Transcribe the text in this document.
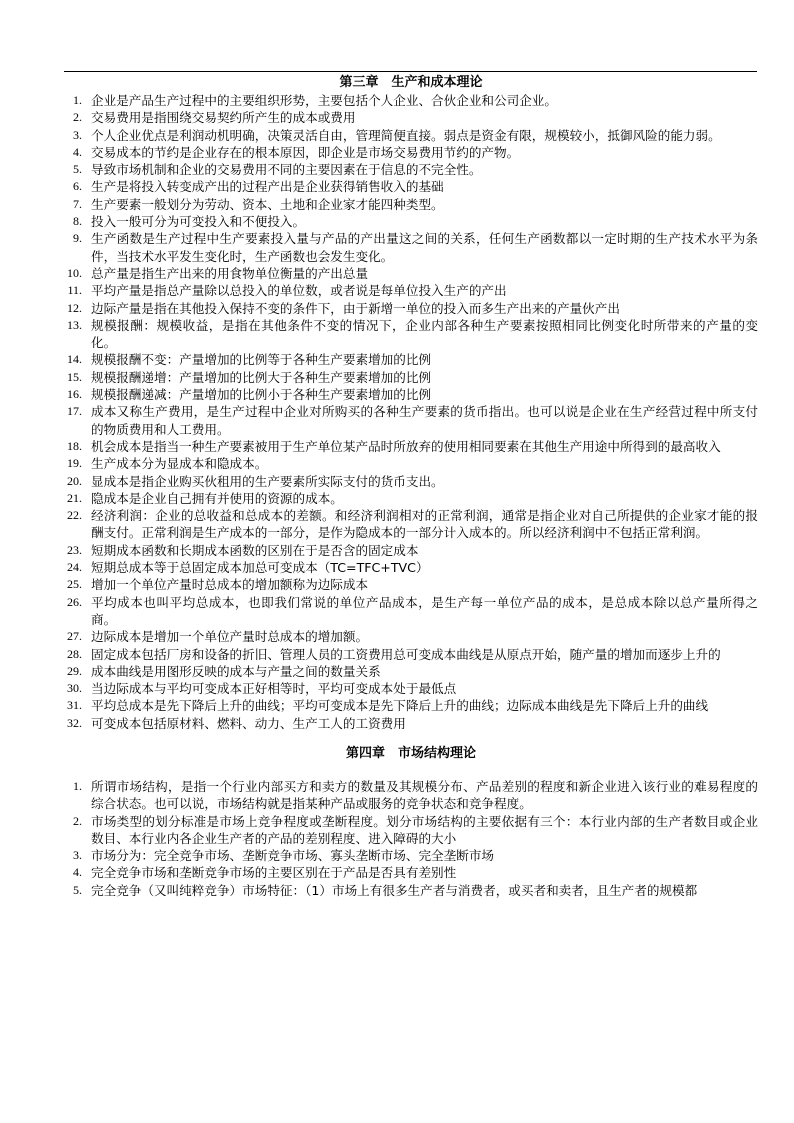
第三章　生产和成本理论
1. 企业是产品生产过程中的主要组织形势，主要包括个人企业、合伙企业和公司企业。
2. 交易费用是指围绕交易契约所产生的成本或费用
3. 个人企业优点是利润动机明确，决策灵活自由，管理简便直接。弱点是资金有限，规模较小，抵御风险的能力弱。
4. 交易成本的节约是企业存在的根本原因，即企业是市场交易费用节约的产物。
5. 导致市场机制和企业的交易费用不同的主要因素在于信息的不完全性。
6. 生产是将投入转变成产出的过程产出是企业获得销售收入的基础
7. 生产要素一般划分为劳动、资本、土地和企业家才能四种类型。
8. 投入一般可分为可变投入和不便投入。
9. 生产函数是生产过程中生产要素投入量与产品的产出量这之间的关系，任何生产函数都以一定时期的生产技术水平为条件，当技术水平发生变化时，生产函数也会发生变化。
10. 总产量是指生产出来的用食物单位衡量的产出总量
11. 平均产量是指总产量除以总投入的单位数，或者说是每单位投入生产的产出
12. 边际产量是指在其他投入保持不变的条件下，由于新增一单位的投入而多生产出来的产量伙产出
13. 规模报酬：规模收益，是指在其他条件不变的情况下，企业内部各种生产要素按照相同比例变化时所带来的产量的变化。
14. 规模报酬不变：产量增加的比例等于各种生产要素增加的比例
15. 规模报酬递增：产量增加的比例大于各种生产要素增加的比例
16. 规模报酬递减：产量增加的比例小于各种生产要素增加的比例
17. 成本又称生产费用，是生产过程中企业对所购买的各种生产要素的货币指出。也可以说是企业在生产经营过程中所支付的物质费用和人工费用。
18. 机会成本是指当一种生产要素被用于生产单位某产品时所放弃的使用相同要素在其他生产用途中所得到的最高收入
19. 生产成本分为显成本和隐成本。
20. 显成本是指企业购买伙租用的生产要素所实际支付的货币支出。
21. 隐成本是企业自己拥有并使用的资源的成本。
22. 经济利润：企业的总收益和总成本的差额。和经济利润相对的正常利润，通常是指企业对自己所提供的企业家才能的报酬支付。正常利润是生产成本的一部分，是作为隐成本的一部分计入成本的。所以经济利润中不包括正常利润。
23. 短期成本函数和长期成本函数的区别在于是否含的固定成本
24. 短期总成本等于总固定成本加总可变成本（TC=TFC+TVC）
25. 增加一个单位产量时总成本的增加额称为边际成本
26. 平均成本也叫平均总成本，也即我们常说的单位产品成本，是生产每一单位产品的成本，是总成本除以总产量所得之商。
27. 边际成本是增加一个单位产量时总成本的增加额。
28. 固定成本包括厂房和设备的折旧、管理人员的工资费用总可变成本曲线是从原点开始，随产量的增加而逐步上升的
29. 成本曲线是用图形反映的成本与产量之间的数量关系
30. 当边际成本与平均可变成本正好相等时，平均可变成本处于最低点
31. 平均总成本是先下降后上升的曲线；平均可变成本是先下降后上升的曲线；边际成本曲线是先下降后上升的曲线
32. 可变成本包括原材料、燃料、动力、生产工人的工资费用
第四章　市场结构理论
1. 所谓市场结构，是指一个行业内部买方和卖方的数量及其规模分布、产品差别的程度和新企业进入该行业的难易程度的综合状态。也可以说，市场结构就是指某种产品或服务的竞争状态和竞争程度。
2. 市场类型的划分标准是市场上竞争程度或垄断程度。划分市场结构的主要依据有三个：本行业内部的生产者数目或企业数目、本行业内各企业生产者的产品的差别程度、进入障碍的大小
3. 市场分为：完全竞争市场、垄断竞争市场、寡头垄断市场、完全垄断市场
4. 完全竞争市场和垄断竞争市场的主要区别在于产品是否具有差别性
5. 完全竞争（又叫纯粹竞争）市场特征：（1）市场上有很多生产者与消费者，或买者和卖者，且生产者的规模都
